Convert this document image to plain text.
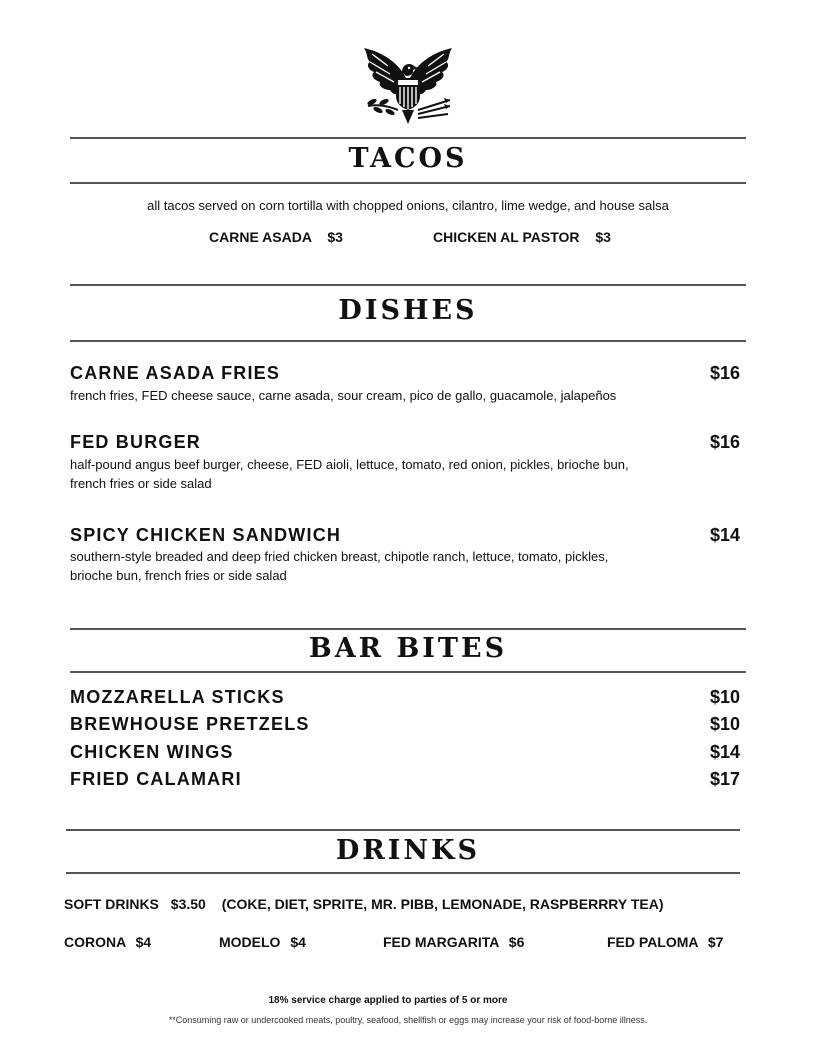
TACOS
all tacos served on corn tortilla with chopped onions, cilantro, lime wedge, and house salsa
CARNE ASADA $3	CHICKEN AL PASTOR $3
DISHES
CARNE ASADA FRIES	$16
french fries, FED cheese sauce, carne asada, sour cream, pico de gallo, guacamole, jalapeños
FED BURGER	$16
half-pound angus beef burger, cheese, FED aioli, lettuce, tomato, red onion, pickles, brioche bun,
french fries or side salad
SPICY CHICKEN SANDWICH	$14
southern-style breaded and deep fried chicken breast, chipotle ranch, lettuce, tomato, pickles,
brioche bun, french fries or side salad
BAR BITES
MOZZARELLA STICKS	$10
BREWHOUSE PRETZELS	$10
CHICKEN WINGS	$14
FRIED CALAMARI	$17
DRINKS
SOFT DRINKS $3.50 (COKE, DIET, SPRITE, MR. PIBB, LEMONADE, RASPBERRRY TEA)
CORONA $4	MODELO $4	FED MARGARITA $6	FED PALOMA $7
18% service charge applied to parties of 5 or more
**Consuming raw or undercooked meats, poultry, seafood, shellfish or eggs may increase your risk of food-borne illness.
